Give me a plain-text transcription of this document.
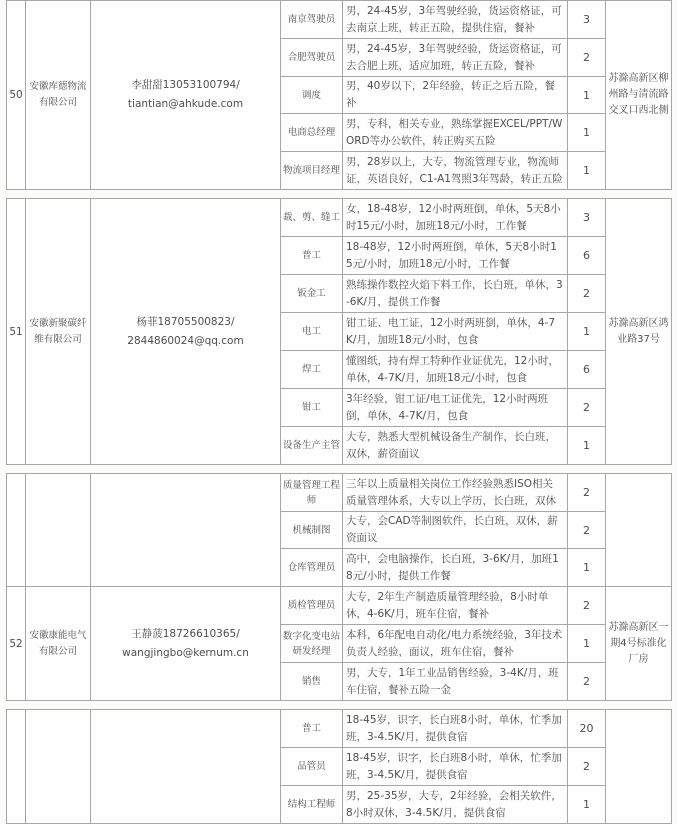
50	安徽库德物流有限公司	李甜甜13053100794/
tiantian@ahkude.com	南京驾驶员	男，24-45岁，3年驾驶经验，货运资格证，可去南京上班，转正五险，提供住宿，餐补	3	苏滁高新区柳州路与清流路交叉口西北侧
			合肥驾驶员	男，24-45岁，3年驾驶经验，货运资格证，可去合肥上班，适应加班，转正五险，餐补	2	
			调度	男，40岁以下，2年经验，转正之后五险，餐补	1	
			电商总经理	男，专科，相关专业，熟练掌握EXCEL/PPT/WORD等办公软件，转正购买五险	1	
			物流项目经理	男，28岁以上，大专，物流管理专业，物流师证，英语良好，C1-A1驾照3年驾龄，转正五险	1	
51	安徽新聚碳纤维有限公司	杨菲18705500823/
2844860024@qq.com	裁、剪、缝工	女，18-48岁，12小时两班倒，单休，5天8小时15元/小时，加班18元/小时，工作餐	3	苏滁高新区鸿业路37号
			普工	18-48岁，12小时两班倒，单休，5天8小时15元/小时，加班18元/小时，工作餐	6	
			钣金工	熟练操作数控火焰下料工作，长白班，单休，3-6K/月，提供工作餐	2	
			电工	钳工证、电工证，12小时两班倒，单休，4-7K/月，加班18元/小时，包食	1	
			焊工	懂图纸，持有焊工特种作业证优先，12小时，单休，4-7K/月，加班18元/小时，包食	6	
			钳工	3年经验，钳工证/电工证优先，12小时两班倒，单休，4-7K/月，包食	2	
			设备生产主管	大专，熟悉大型机械设备生产制作，长白班，双休，薪资面议	1	
			质量管理工程师	三年以上质量相关岗位工作经验熟悉ISO相关质量管理体系，大专以上学历，长白班，双休	2	
			机械制图	大专，会CAD等制图软件，长白班，双休，薪资面议	2	
			仓库管理员	高中，会电脑操作，长白班，3-6K/月，加班18元/小时，提供工作餐	1	
52	安徽康能电气有限公司	王静菠18726610365/
wangjingbo@kernum.cn	质检管理员	大专，2年生产制造质量管理经验，8小时单休，4-6K/月，班车住宿，餐补	2	苏滁高新区一期4号标准化厂房
			数字化变电站研发经理	本科，6年配电自动化/电力系统经验，3年技术负责人经验，面议，班车住宿，餐补	1	
			销售	男，大专，1年工业品销售经验，3-4K/月，班车住宿，餐补五险一金	2	
			普工	18-45岁，识字，长白班8小时，单休，忙季加班，3-4.5K/月，提供食宿	20	
			品管员	18-45岁，识字，长白班8小时，单休，忙季加班，3-4.5K/月，提供食宿	2	
			结构工程师	男，25-35岁，大专，2年经验，会相关软件，8小时双休，3-4.5K/月，提供食宿	1	
